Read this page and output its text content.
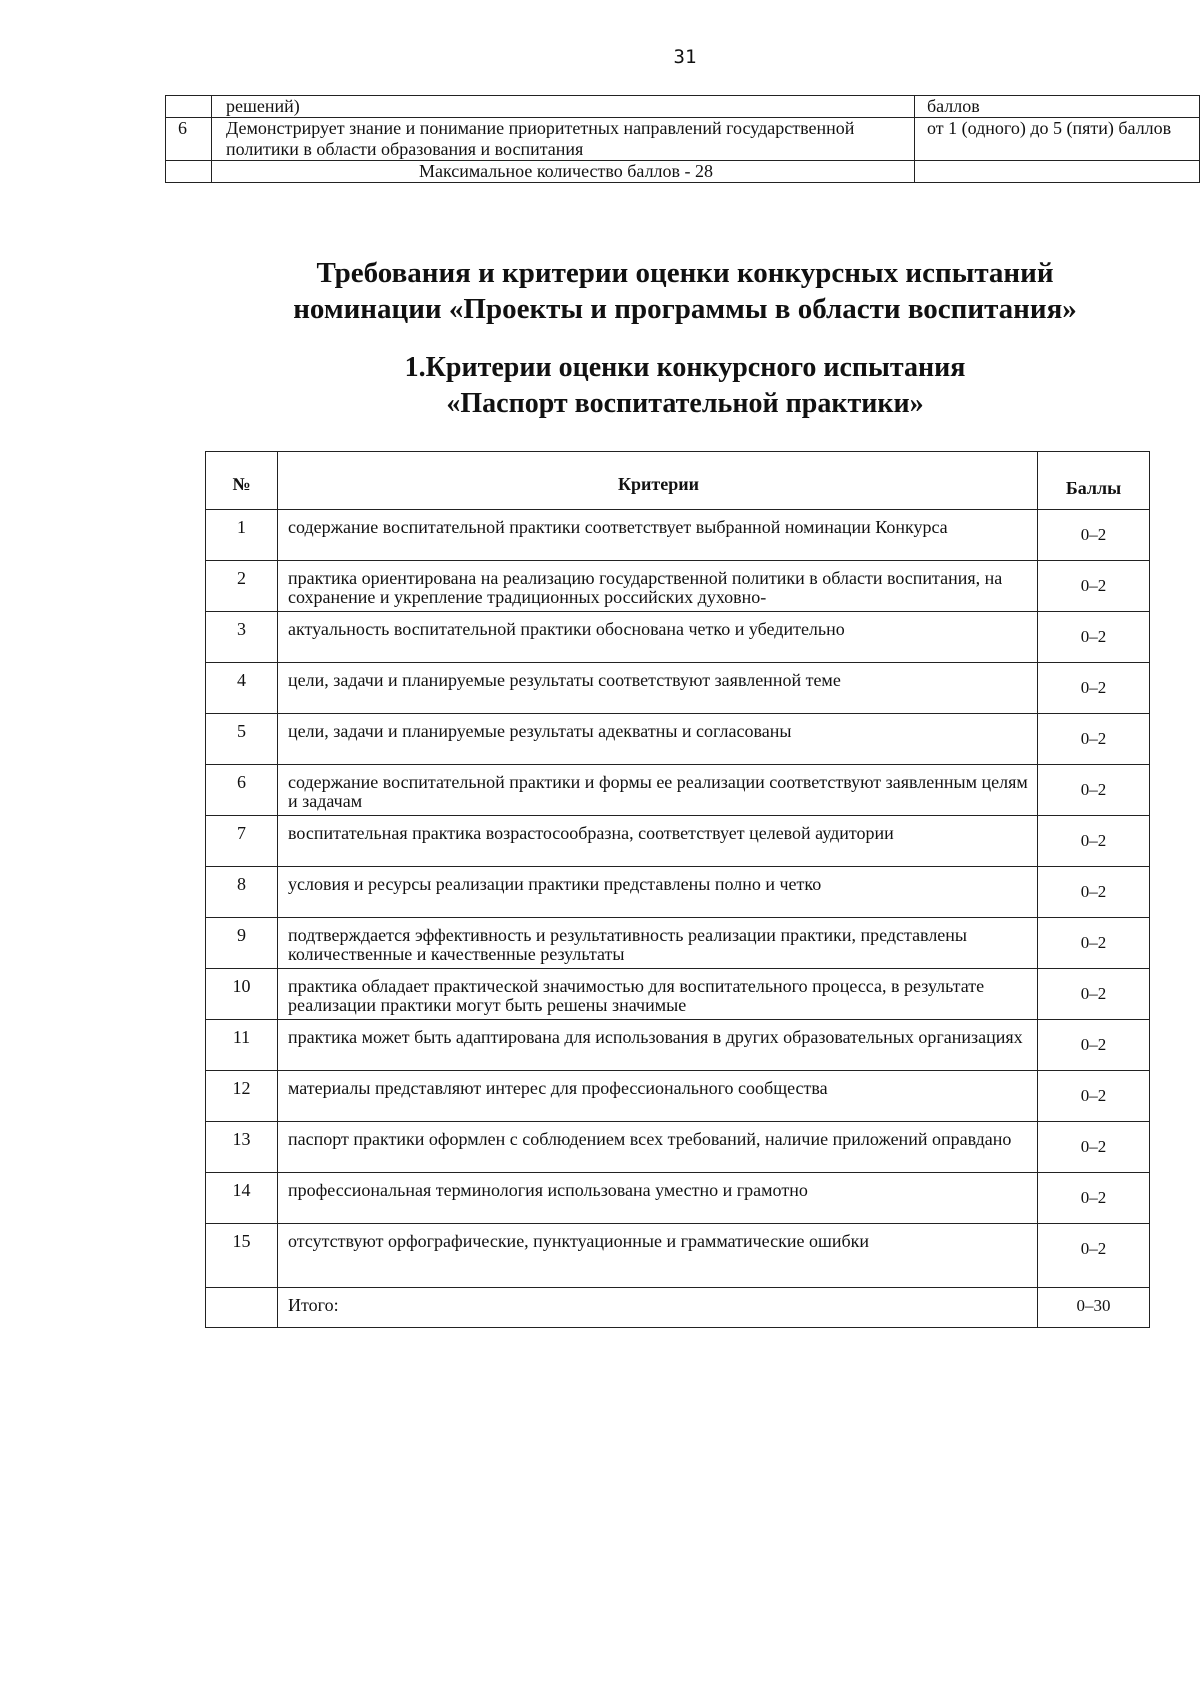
31
	решений)	баллов
6	Демонстрирует знание и понимание приоритетных направлений государственной политики в области образования и воспитания	от 1 (одного) до 5 (пяти) баллов
	Максимальное количество баллов - 28	
Требования и критерии оценки конкурсных испытаний
номинации «Проекты и программы в области воспитания»
1.Критерии оценки конкурсного испытания
«Паспорт воспитательной практики»
№	Критерии	Баллы
1	содержание воспитательной практики соответствует выбранной номинации Конкурса	0–2
2	практика ориентирована на реализацию государственной политики в области воспитания, на сохранение и укрепление традиционных российских духовно-	0–2
3	актуальность воспитательной практики обоснована четко и убедительно	0–2
4	цели, задачи и планируемые результаты соответствуют заявленной теме	0–2
5	цели, задачи и планируемые результаты адекватны и согласованы	0–2
6	содержание воспитательной практики и формы ее реализации соответствуют заявленным целям и задачам	0–2
7	воспитательная практика возрастосообразна, соответствует целевой аудитории	0–2
8	условия и ресурсы реализации практики представлены полно и четко	0–2
9	подтверждается эффективность и результативность реализации практики, представлены количественные и качественные результаты	0–2
10	практика обладает практической значимостью для воспитательного процесса, в результате реализации практики могут быть решены значимые	0–2
11	практика может быть адаптирована для использования в других образовательных организациях	0–2
12	материалы представляют интерес для профессионального сообщества	0–2
13	паспорт практики оформлен с соблюдением всех требований, наличие приложений оправдано	0–2
14	профессиональная терминология использована уместно и грамотно	0–2
15	отсутствуют орфографические, пунктуационные и грамматические ошибки	0–2
	Итого:	0–30
